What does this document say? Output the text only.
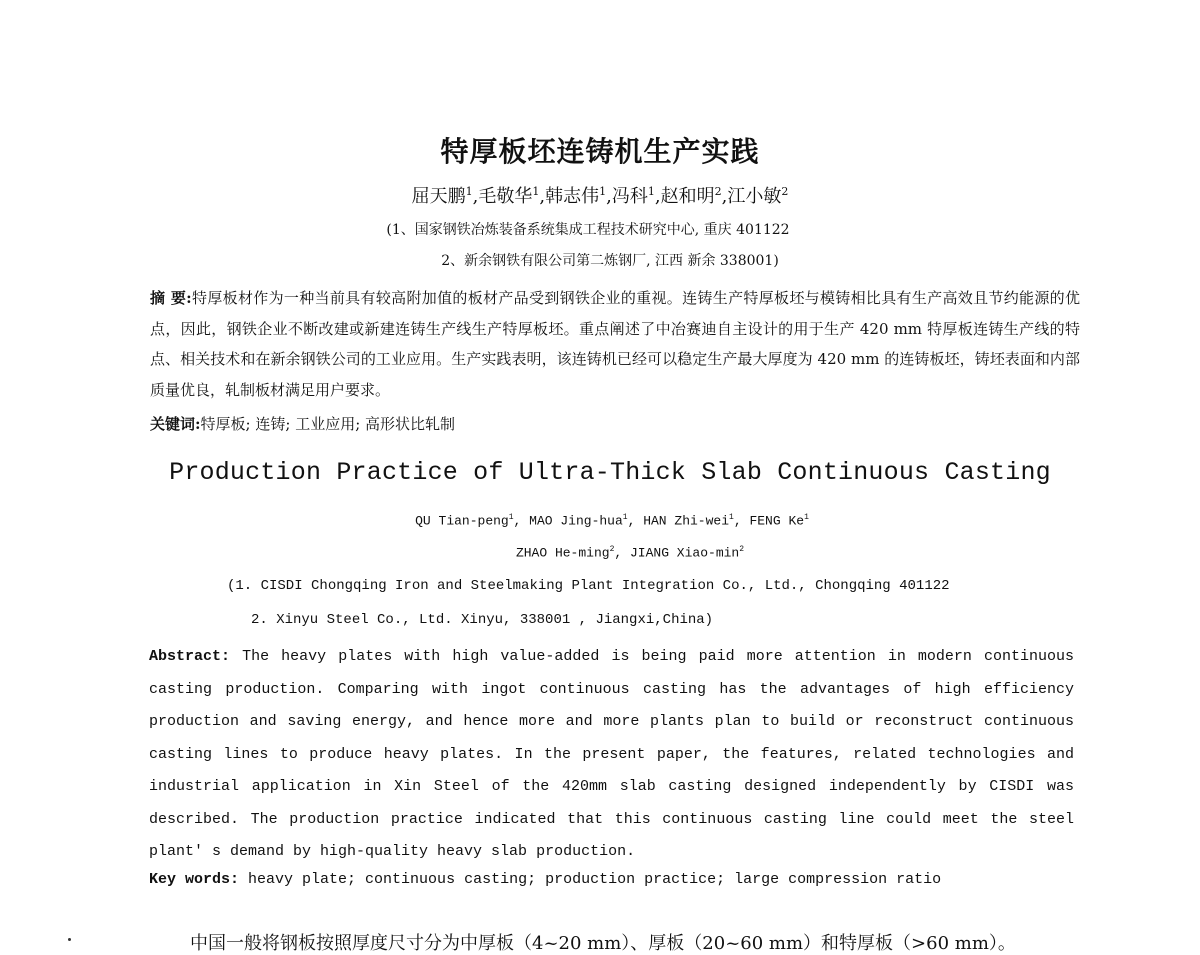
特厚板坯连铸机生产实践
屈天鹏$^1$,毛敬华$^1$,韩志伟$^1$,冯科$^1$,赵和明$^2$,江小敏$^2$
(1、国家钢铁冶炼装备系统集成工程技术研究中心, 重庆 401122
2、新余钢铁有限公司第二炼钢厂, 江西 新余 338001)
摘 要:特厚板材作为一种当前具有较高附加值的板材产品受到钢铁企业的重视。连铸生产特厚板坯与模铸相比具有生产高效且节约能源的优点，因此，钢铁企业不断改建或新建连铸生产线生产特厚板坯。重点阐述了中冶赛迪自主设计的用于生产 420 mm 特厚板连铸生产线的特点、相关技术和在新余钢铁公司的工业应用。生产实践表明，该连铸机已经可以稳定生产最大厚度为 420 mm 的连铸板坯，铸坯表面和内部质量优良，轧制板材满足用户要求。
关键词:特厚板; 连铸; 工业应用; 高形状比轧制
Production Practice of Ultra-Thick Slab Continuous Casting
QU Tian-peng$^1$, MAO Jing-hua$^1$, HAN Zhi-wei$^1$, FENG Ke$^1$
ZHAO He-ming$^2$, JIANG Xiao-$\min^2$
(1. CISDI Chongqing Iron and Steelmaking Plant Integration Co., Ltd., Chongqing 401122
2. Xinyu Steel Co., Ltd. Xinyu, 338001 , Jiangxi,China)
Abstract: The heavy plates with high value-added is being paid more attention in modern continuous casting production. Comparing with ingot continuous casting has the advantages of high efficiency production and saving energy, and hence more and more plants plan to build or reconstruct continuous casting lines to produce heavy plates. In the present paper, the features, related technologies and industrial application in Xin Steel of the 420mm slab casting designed independently by CISDI was described. The production practice indicated that this continuous casting line could meet the steel plant' s demand by high-quality heavy slab production.
Key words: heavy plate; continuous casting; production practice; large compression ratio
中国一般将钢板按照厚度尺寸分为中厚板（4~20 mm）、厚板（20~60 mm）和特厚板（>60 mm）。
